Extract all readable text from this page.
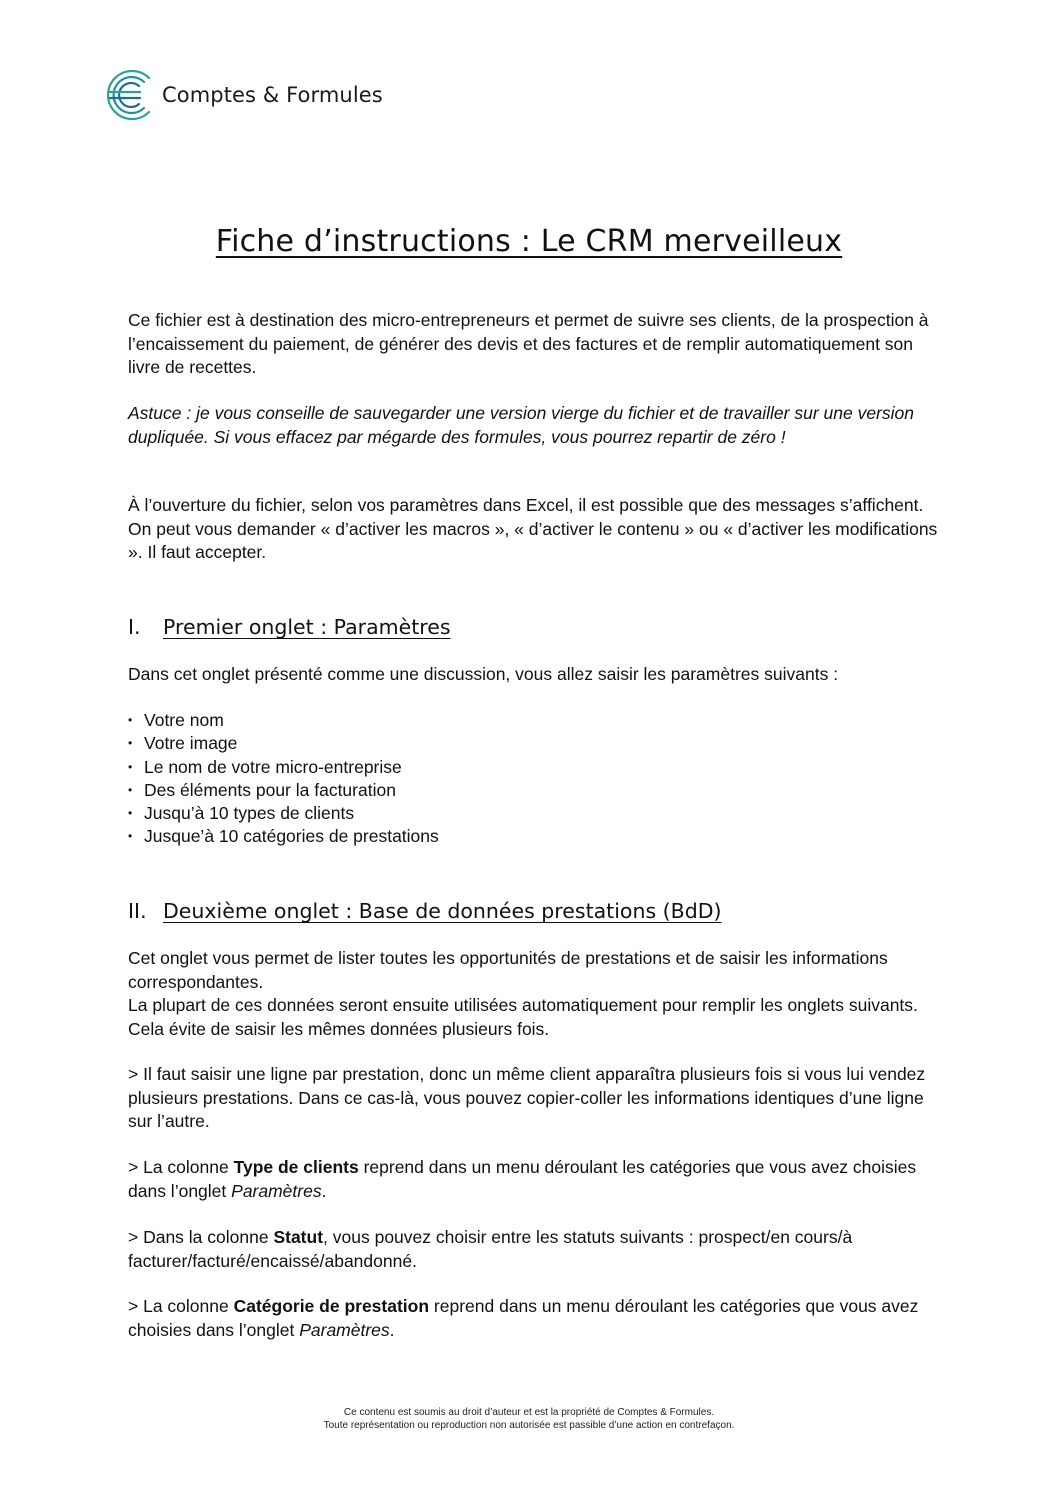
Comptes & Formules
Fiche d’instructions : Le CRM merveilleux

Ce fichier est à destination des micro-entrepreneurs et permet de suivre ses clients, de la prospection à l’encaissement du paiement, de générer des devis et des factures et de remplir automatiquement son livre de recettes.

Astuce : je vous conseille de sauvegarder une version vierge du fichier et de travailler sur une version dupliquée. Si vous effacez par mégarde des formules, vous pourrez repartir de zéro !

À l’ouverture du fichier, selon vos paramètres dans Excel, il est possible que des messages s’affichent. On peut vous demander « d’activer les macros », « d’activer le contenu » ou « d’activer les modifications ». Il faut accepter.

I.	Premier onglet : Paramètres

Dans cet onglet présenté comme une discussion, vous allez saisir les paramètres suivants :

• Votre nom
• Votre image
• Le nom de votre micro-entreprise
• Des éléments pour la facturation
• Jusqu’à 10 types de clients
• Jusque’à 10 catégories de prestations
II. Deuxième onglet : Base de données prestations (BdD)

Cet onglet vous permet de lister toutes les opportunités de prestations et de saisir les informations correspondantes.

La plupart de ces données seront ensuite utilisées automatiquement pour remplir les onglets suivants. Cela évite de saisir les mêmes données plusieurs fois.

> Il faut saisir une ligne par prestation, donc un même client apparaîtra plusieurs fois si vous lui vendez plusieurs prestations. Dans ce cas-là, vous pouvez copier-coller les informations identiques d’une ligne sur l’autre.

> La colonne Type de clients reprend dans un menu déroulant les catégories que vous avez choisies dans l’onglet Paramètres.

> Dans la colonne Statut, vous pouvez choisir entre les statuts suivants : prospect/en cours/à facturer/facturé/encaissé/abandonné.

> La colonne Catégorie de prestation reprend dans un menu déroulant les catégories que vous avez choisies dans l’onglet Paramètres.

Ce contenu est soumis au droit d’auteur et est la propriété de Comptes & Formules.
Toute représentation ou reproduction non autorisée est passible d’une action en contrefaçon.
